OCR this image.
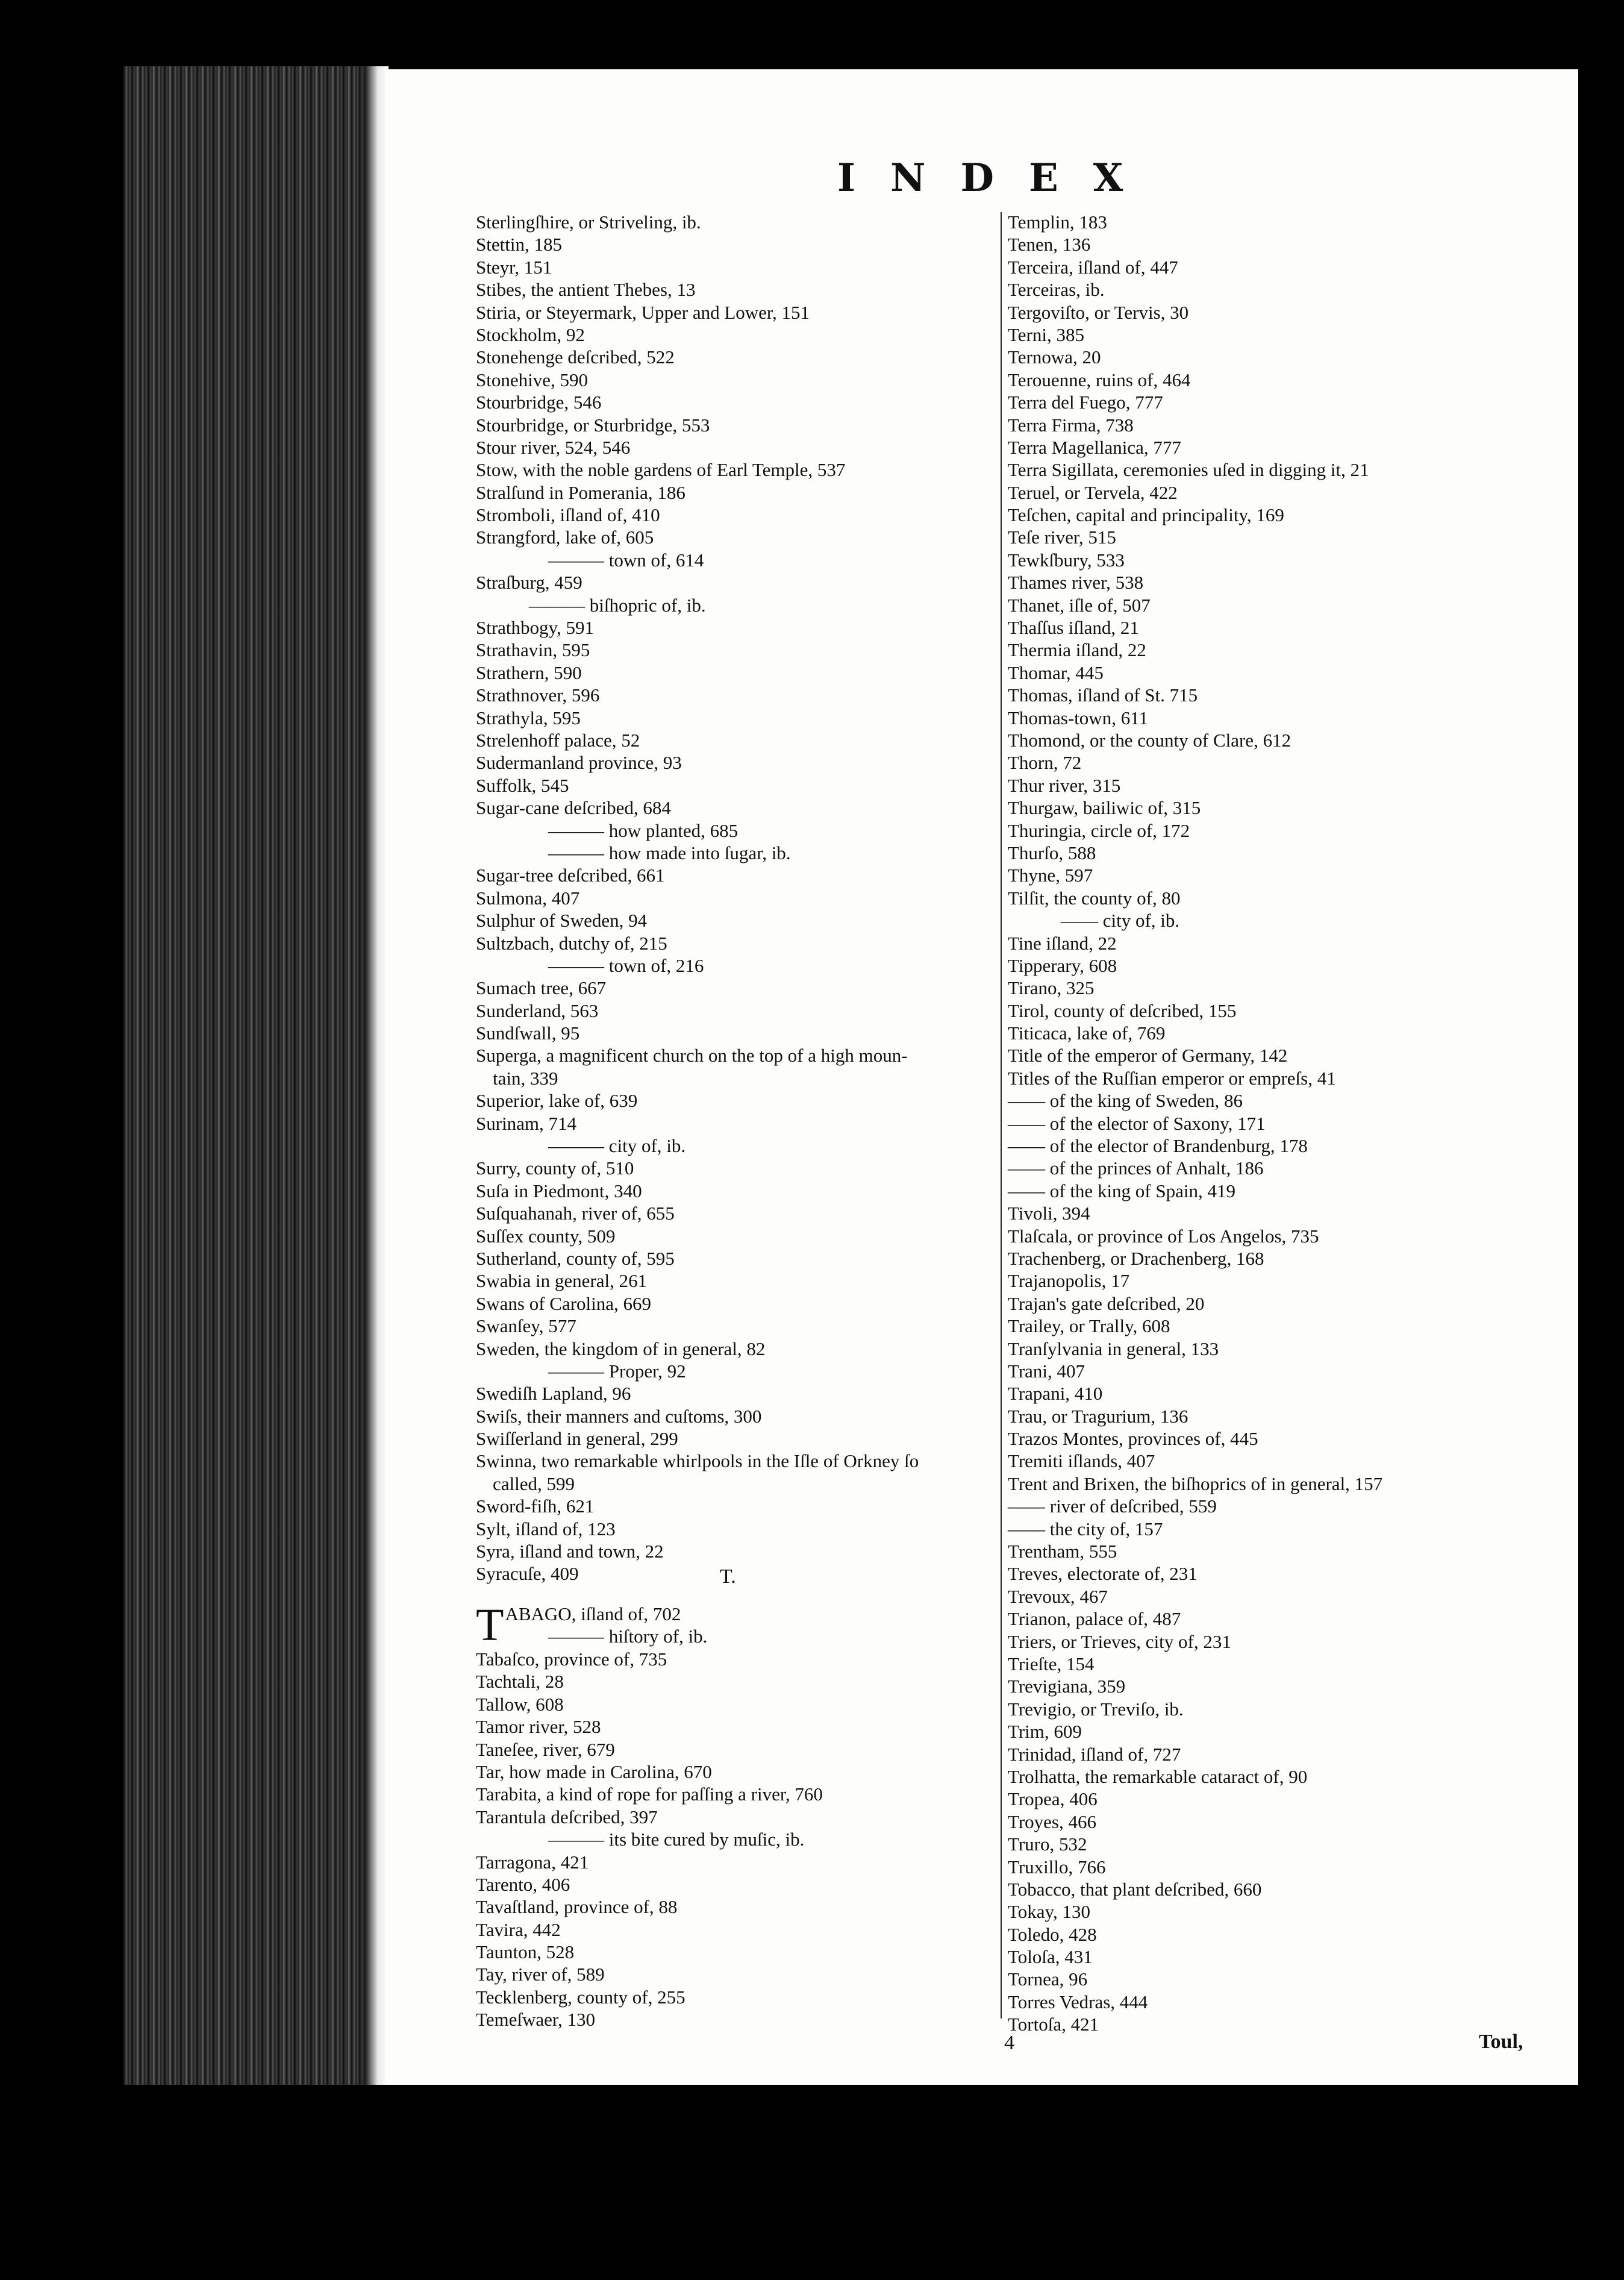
INDEX
Sterlingſhire, or Striveling, ib.
Stettin, 185
Steyr, 151
Stibes, the antient Thebes, 13
Stiria, or Steyermark, Upper and Lower, 151
Stockholm, 92
Stonehenge deſcribed, 522
Stonehive, 590
Stourbridge, 546
Stourbridge, or Sturbridge, 553
Stour river, 524, 546
Stow, with the noble gardens of Earl Temple, 537
Stralſund in Pomerania, 186
Stromboli, iſland of, 410
Strangford, lake of, 605
——— town of, 614
Straſburg, 459
——— biſhopric of, ib.
Strathbogy, 591
Strathavin, 595
Strathern, 590
Strathnover, 596
Strathyla, 595
Strelenhoff palace, 52
Sudermanland province, 93
Suffolk, 545
Sugar-cane deſcribed, 684
——— how planted, 685
——— how made into ſugar, ib.
Sugar-tree deſcribed, 661
Sulmona, 407
Sulphur of Sweden, 94
Sultzbach, dutchy of, 215
——— town of, 216
Sumach tree, 667
Sunderland, 563
Sundſwall, 95
Superga, a magnificent church on the top of a high moun-
tain, 339
Superior, lake of, 639
Surinam, 714
——— city of, ib.
Surry, county of, 510
Suſa in Piedmont, 340
Suſquahanah, river of, 655
Suſſex county, 509
Sutherland, county of, 595
Swabia in general, 261
Swans of Carolina, 669
Swanſey, 577
Sweden, the kingdom of in general, 82
——— Proper, 92
Swediſh Lapland, 96
Swiſs, their manners and cuſtoms, 300
Swiſſerland in general, 299
Swinna, two remarkable whirlpools in the Iſle of Orkney ſo
called, 599
Sword-fiſh, 621
Sylt, iſland of, 123
Syra, iſland and town, 22
Syracuſe, 409	T.
T ABAGO, iſland of, 702
——— hiſtory of, ib.
Tabaſco, province of, 735
Tachtali, 28
Tallow, 608
Tamor river, 528
Taneſee, river, 679
Tar, how made in Carolina, 670
Tarabita, a kind of rope for paſſing a river, 760
Tarantula deſcribed, 397
——— its bite cured by muſic, ib.
Tarragona, 421
Tarento, 406
Tavaſtland, province of, 88
Tavira, 442
Taunton, 528
Tay, river of, 589
Tecklenberg, county of, 255
Temeſwaer, 130
Templin, 183
Tenen, 136
Terceira, iſland of, 447
Terceiras, ib.
Tergoviſto, or Tervis, 30
Terni, 385
Ternowa, 20
Terouenne, ruins of, 464
Terra del Fuego, 777
Terra Firma, 738
Terra Magellanica, 777
Terra Sigillata, ceremonies uſed in digging it, 21
Teruel, or Tervela, 422
Teſchen, capital and principality, 169
Teſe river, 515
Tewkſbury, 533
Thames river, 538
Thanet, iſle of, 507
Thaſſus iſland, 21
Thermia iſland, 22
Thomar, 445
Thomas, iſland of St. 715
Thomas-town, 611
Thomond, or the county of Clare, 612
Thorn, 72
Thur river, 315
Thurgaw, bailiwic of, 315
Thuringia, circle of, 172
Thurſo, 588
Thyne, 597
Tilſit, the county of, 80
—— city of, ib.
Tine iſland, 22
Tipperary, 608
Tirano, 325
Tirol, county of deſcribed, 155
Titicaca, lake of, 769
Title of the emperor of Germany, 142
Titles of the Ruſſian emperor or empreſs, 41
—— of the king of Sweden, 86
—— of the elector of Saxony, 171
—— of the elector of Brandenburg, 178
—— of the princes of Anhalt, 186
—— of the king of Spain, 419
Tivoli, 394
Tlaſcala, or province of Los Angelos, 735
Trachenberg, or Drachenberg, 168
Trajanopolis, 17
Trajan's gate deſcribed, 20
Trailey, or Trally, 608
Tranſylvania in general, 133
Trani, 407
Trapani, 410
Trau, or Tragurium, 136
Trazos Montes, provinces of, 445
Tremiti iſlands, 407
Trent and Brixen, the biſhoprics of in general, 157
—— river of deſcribed, 559
—— the city of, 157
Trentham, 555
Treves, electorate of, 231
Trevoux, 467
Trianon, palace of, 487
Triers, or Trieves, city of, 231
Trieſte, 154
Trevigiana, 359
Trevigio, or Treviſo, ib.
Trim, 609
Trinidad, iſland of, 727
Trolhatta, the remarkable cataract of, 90
Tropea, 406
Troyes, 466
Truro, 532
Truxillo, 766
Tobacco, that plant deſcribed, 660
Tokay, 130
Toledo, 428
Toloſa, 431
Tornea, 96
Torres Vedras, 444
Tortoſa, 421
4	Toul,
